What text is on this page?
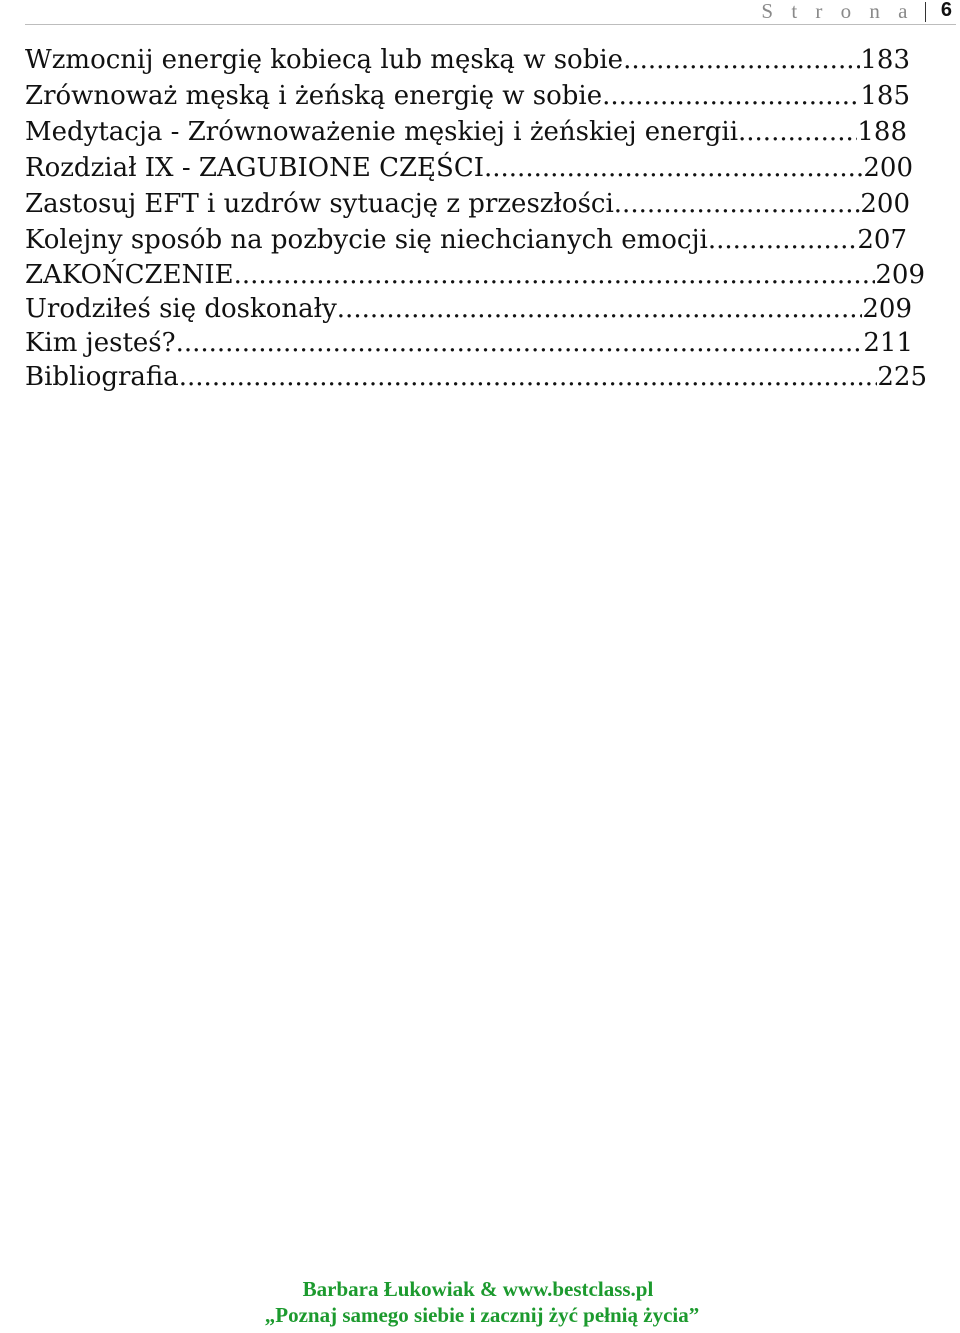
S t r o n a 6
Wzmocnij energię kobiecą lub męską w sobie .....	183
Zrównoważ męską i żeńską energię w sobie .....	185
Medytacja - Zrównoważenie męskiej i żeńskiej energii .....	188
Rozdział IX - ZAGUBIONE CZĘŚCI .....	200
Zastosuj EFT i uzdrów sytuację z przeszłości .....	200
Kolejny sposób na pozbycie się niechcianych emocji .....	207
ZAKOŃCZENIE .....	209
Urodziłeś się doskonały .....	209
Kim jesteś? .....	211
Bibliografia .....	225
Barbara Łukowiak & www.bestclass.pl
„Poznaj samego siebie i zacznij żyć pełnią życia”
